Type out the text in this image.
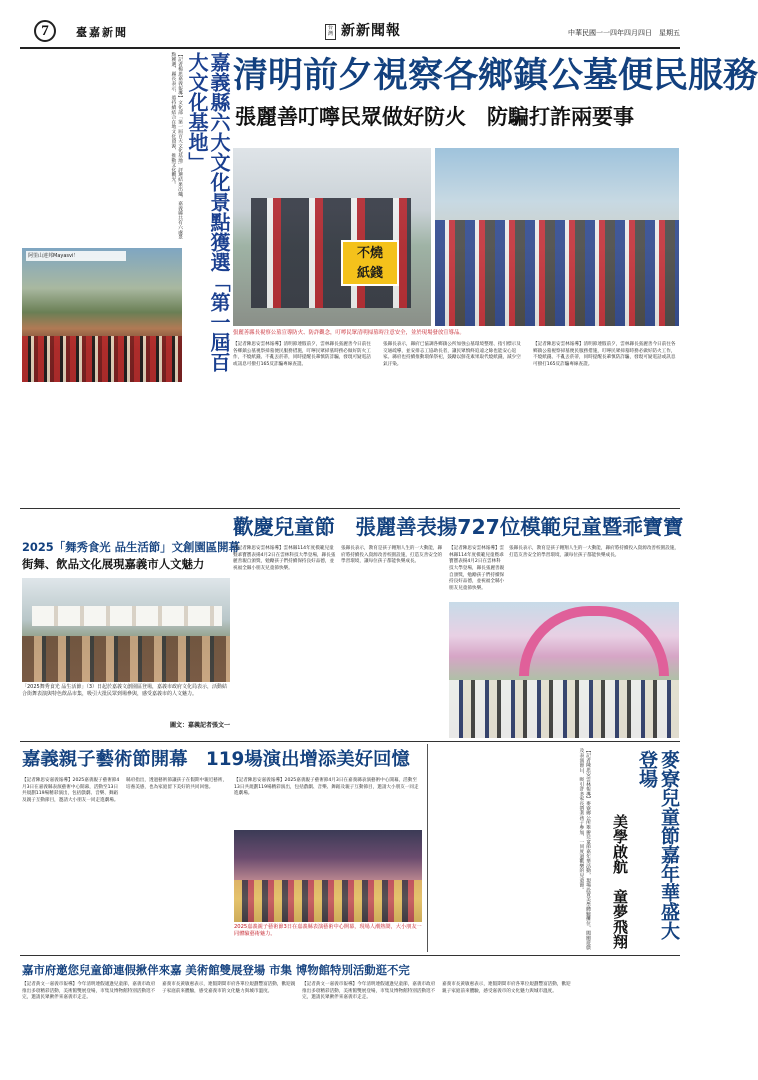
7	臺嘉新聞	台灣 新新聞報	中華民國一一四年四月四日　星期五
【記者楊思嘉義報導】文化部「第一屆百大文化基地」評選結果出爐，嘉義縣共有六處景點獲選，縣長表示，將持續結合在地文化資源，推動文化觀光。	嘉義縣六大文化景點獲選「第一屆百大文化基地」
阿里山達邦Mayasvi！
清明前夕視察各鄉鎮公墓便民服務
張麗善叮嚀民眾做好防火　防騙打詐兩要事
不燒　紙錢
張麗善縣長視察公墓宣導防火、防詐觀念，叮嚀民眾清明掃墓時注意安全，並於現場發放宣導品。
【記者陳思安雲林報導】清明節連假前夕，雲林縣長張麗善今日前往各鄉鎮公墓視察掃墓便民服務措施，叮嚀民眾掃墓時務必做好防火工作，不燒紙錢、不亂丟菸蒂，同時提醒長輩慎防詐騙，發現可疑電話或訊息可撥打165反詐騙專線查證。
張縣長表示，縣府已協調各鄉鎮公所加強公墓環境整理、指引標示及交通疏導，並安排志工協助長者，讓民眾慎終追遠之餘也能安心返家。縣府也持續推動環保祭祀，鼓勵以鮮花素果取代燒紙錢，減少空氣汙染。
【記者陳思安雲林報導】清明節連假前夕，雲林縣長張麗善今日前往各鄉鎮公墓視察掃墓便民服務措施，叮嚀民眾掃墓時務必做好防火工作，不燒紙錢、不亂丟菸蒂，同時提醒長輩慎防詐騙，發現可疑電話或訊息可撥打165反詐騙專線查證。
2025「舞秀食光 品生活節」文創園區開幕
街舞、飲品文化展現嘉義市人文魅力
「2025舞秀食光 品生活節」（3）日起於嘉義文創園區登場，嘉義市政府文化局表示，活動結合街舞表演與特色飲品市集，吸引大批民眾到場參與，感受嘉義市的人文魅力。
圖文：嘉義記者張文一
歡慶兒童節　張麗善表揚727位模範兒童暨乖寶寶
【記者陳思安雲林報導】雲林縣114年度模範兒童暨乖寶寶表揚4月2日在雲林科技大學登場，縣長張麗善親自頒獎，勉勵孩子們持續保持良好品德，並祝福全縣小朋友兒童節快樂。
張縣長表示，教育是孩子翱翔人生的一大動能，縣府將持續投入資源改善校園設施，打造友善安全的學習環境，讓每位孩子都能快樂成長。
【記者陳思安雲林報導】雲林縣114年度模範兒童暨乖寶寶表揚4月2日在雲林科技大學登場，縣長張麗善親自頒獎，勉勵孩子們持續保持良好品德，並祝福全縣小朋友兒童節快樂。
張縣長表示，教育是孩子翱翔人生的一大動能，縣府將持續投入資源改善校園設施，打造友善安全的學習環境，讓每位孩子都能快樂成長。
嘉義親子藝術節開幕　119場演出增添美好回憶
【記者陳思安嘉義報導】2025嘉義親子藝術節4月3日在嘉義縣表演藝術中心開幕，活動至13日共規劃119場精彩演出，包括戲劇、音樂、舞蹈及親子互動節目，邀請大小朋友一同走進劇場。
縣府指出，透過藝術節讓孩子在假期中親近藝術，培養美感，也為家庭留下美好的共同回憶。
【記者陳思安嘉義報導】2025嘉義親子藝術節4月3日在嘉義縣表演藝術中心開幕，活動至13日共規劃119場精彩演出，包括戲劇、音樂、舞蹈及親子互動節目，邀請大小朋友一同走進劇場。
2025嘉義親子藝術節3日在嘉義縣表演藝術中心開幕，現場人潮熱鬧，大小朋友一同體驗藝術魅力。	【記者陳思安雲林報導】麥寮鄉公所舉辦兒童節嘉年華活動，現場設置美學體驗攤位、闖關遊戲及表演節目，吸引許多家長帶著孩子參加，一同度過歡樂的兒童節。	美學啟航　童夢飛翔	麥寮兒童節嘉年華盛大登場
嘉市府邀您兒童節連假揪伴來嘉 美術館雙展登場 市集 博物館特別活動逛不完
【記者黃文一嘉義市報導】今年清明連假適逢兒童節，嘉義市政府推出多項精彩活動，美術館雙展登場，市集及博物館特別活動逛不完，邀請民眾揪伴來嘉義市走走。
嘉義市長黃敏惠表示，連假期間市府各單位規劃豐富活動，歡迎親子家庭前來體驗，感受嘉義市的文化魅力與城市溫度。
【記者黃文一嘉義市報導】今年清明連假適逢兒童節，嘉義市政府推出多項精彩活動，美術館雙展登場，市集及博物館特別活動逛不完，邀請民眾揪伴來嘉義市走走。
嘉義市長黃敏惠表示，連假期間市府各單位規劃豐富活動，歡迎親子家庭前來體驗，感受嘉義市的文化魅力與城市溫度。
